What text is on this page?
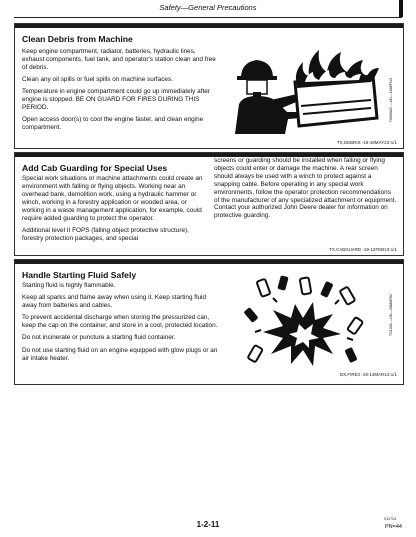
Safety—General Precautions
Clean Debris from Machine

Keep engine compartment, radiator, batteries, hydraulic lines, exhaust components, fuel tank, and operator's station clean and free of debris.

Clean any oil spills or fuel spills on machine surfaces.

Temperature in engine compartment could go up immediately after engine is stopped. BE ON GUARD FOR FIRES DURING THIS PERIOD.

Open access door(s) to cool the engine faster, and clean engine compartment.

T6669AG —UN—18APR13
TX,DEBRIS -19-16MAY23-1/1
Add Cab Guarding for Special Uses

Special work situations or machine attachments could create an environment with falling or flying objects. Working near an overhead bank, demolition work, using a hydraulic hammer or winch, working in a forestry application or wooded area, or working in a waste management application, for example, could require added guarding to protect the operator.

Additional level II FOPS (falling object protective structure), forestry protection packages, and special

screens or guarding should be installed when falling or flying objects could enter or damage the machine. A rear screen should always be used with a winch to protect against a snapping cable. Before operating in any special work environments, follow the operator protection recommendations of the manufacturer of any specialized attachment or equipment. Contact your authorized John Deere dealer for information on protective guarding.

TX,CABGUARD -19-12FEB13-1/1
Handle Starting Fluid Safely

Starting fluid is highly flammable.

Keep all sparks and flame away when using it. Keep starting fluid away from batteries and cables.

To prevent accidental discharge when storing the pressurized can, keep the cap on the container, and store in a cool, protected location.

Do not incinerate or puncture a starting fluid container.

Do not use starting fluid on an engine equipped with glow plugs or an air intake heater.

TS1356 —UN—18MAR92
DX,FIRE3 -19-14MAR14-1/1
1-2-11
011724
PN=44
